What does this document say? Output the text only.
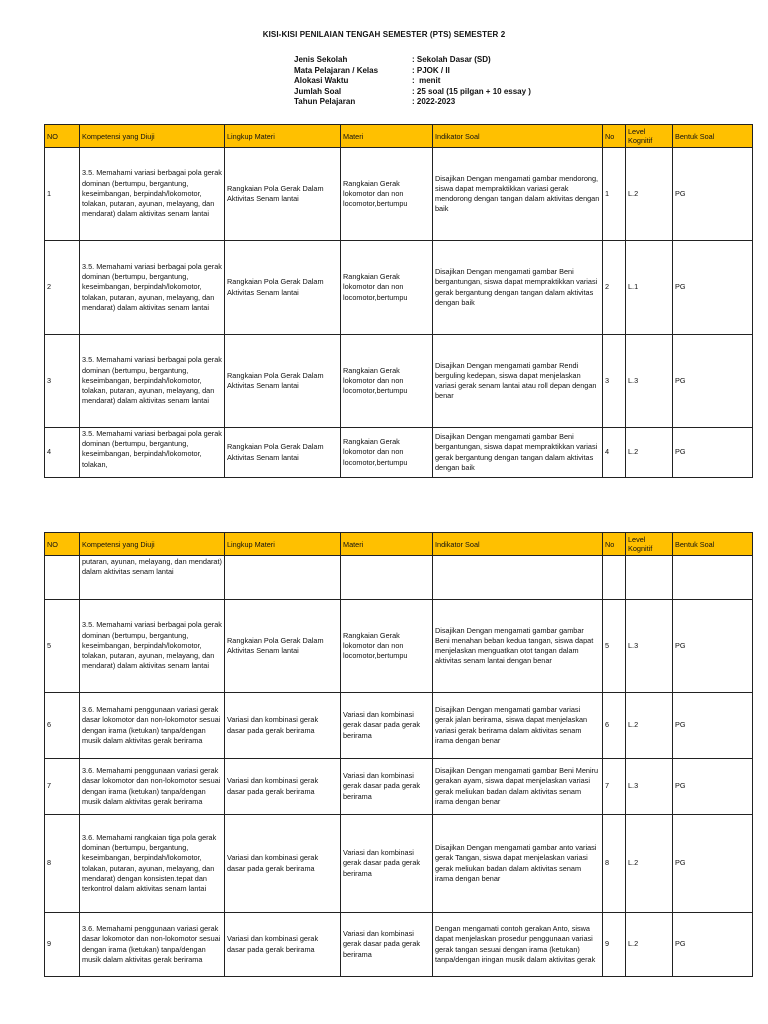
KISI-KISI PENILAIAN TENGAH SEMESTER (PTS) SEMESTER 2
Jenis Sekolah	: Sekolah Dasar (SD)
Mata Pelajaran / Kelas	: PJOK / II
Alokasi Waktu	:  menit
Jumlah Soal	: 25 soal (15 pilgan + 10 essay )
Tahun Pelajaran	: 2022-2023
NO	Kompetensi yang Diuji	Lingkup Materi	Materi	Indikator Soal	No	Level Kognitif	Bentuk Soal
1	3.5. Memahami variasi berbagai pola gerak dominan (bertumpu, bergantung, keseimbangan, berpindah/lokomotor, tolakan, putaran, ayunan, melayang, dan mendarat) dalam aktivitas senam lantai	Rangkaian Pola Gerak Dalam Aktivitas Senam lantai	Rangkaian Gerak lokomotor dan non locomotor,bertumpu	Disajikan Dengan mengamati gambar mendorong, siswa dapat mempraktikkan variasi gerak mendorong dengan tangan dalam aktivitas dengan baik	1	L.2	PG
2	3.5. Memahami variasi berbagai pola gerak dominan (bertumpu, bergantung, keseimbangan, berpindah/lokomotor, tolakan, putaran, ayunan, melayang, dan mendarat) dalam aktivitas senam lantai	Rangkaian Pola Gerak Dalam Aktivitas Senam lantai	Rangkaian Gerak lokomotor dan non locomotor,bertumpu	Disajikan Dengan mengamati gambar Beni bergantungan, siswa dapat mempraktikkan variasi gerak bergantung dengan tangan dalam aktivitas dengan baik	2	L.1	PG
3	3.5. Memahami variasi berbagai pola gerak dominan (bertumpu, bergantung, keseimbangan, berpindah/lokomotor, tolakan, putaran, ayunan, melayang, dan mendarat) dalam aktivitas senam lantai	Rangkaian Pola Gerak Dalam Aktivitas Senam lantai	Rangkaian Gerak lokomotor dan non locomotor,bertumpu	Disajikan Dengan mengamati gambar Rendi berguling kedepan, siswa dapat menjelaskan variasi gerak senam lantai atau roll depan dengan benar	3	L.3	PG
4	3.5. Memahami variasi berbagai pola gerak dominan (bertumpu, bergantung, keseimbangan, berpindah/lokomotor, tolakan,	Rangkaian Pola Gerak Dalam Aktivitas Senam lantai	Rangkaian Gerak lokomotor dan non locomotor,bertumpu	Disajikan Dengan mengamati gambar Beni bergantungan, siswa dapat mempraktikkan variasi gerak bergantung dengan tangan dalam aktivitas dengan baik	4	L.2	PG
NO	Kompetensi yang Diuji	Lingkup Materi	Materi	Indikator Soal	No	Level Kognitif	Bentuk Soal
	putaran, ayunan, melayang, dan mendarat) dalam aktivitas senam lantai						
5	3.5. Memahami variasi berbagai pola gerak dominan (bertumpu, bergantung, keseimbangan, berpindah/lokomotor, tolakan, putaran, ayunan, melayang, dan mendarat) dalam aktivitas senam lantai	Rangkaian Pola Gerak Dalam Aktivitas Senam lantai	Rangkaian Gerak lokomotor dan non locomotor,bertumpu	Disajikan Dengan mengamati gambar gambar Beni menahan beban kedua tangan, siswa dapat menjelaskan menguatkan otot tangan dalam aktivitas senam lantai dengan benar	5	L.3	PG
6	3.6. Memahami penggunaan variasi gerak dasar lokomotor dan non-lokomotor sesuai dengan irama (ketukan) tanpa/dengan musik dalam aktivitas gerak berirama	Variasi dan kombinasi gerak dasar pada gerak berirama	Variasi dan kombinasi gerak dasar pada gerak berirama	Disajikan Dengan mengamati gambar variasi gerak jalan berirama, siswa dapat menjelaskan variasi gerak berirama dalam aktivitas senam irama dengan benar	6	L.2	PG
7	3.6. Memahami penggunaan variasi gerak dasar lokomotor dan non-lokomotor sesuai dengan irama (ketukan) tanpa/dengan musik dalam aktivitas gerak berirama	Variasi dan kombinasi gerak dasar pada gerak berirama	Variasi dan kombinasi gerak dasar pada gerak berirama	Disajikan Dengan mengamati gambar Beni Meniru gerakan ayam, siswa dapat menjelaskan variasi gerak meliukan badan dalam aktivitas senam irama dengan benar	7	L.3	PG
8	3.6. Memahami rangkaian tiga pola gerak dominan (bertumpu, bergantung, keseimbangan, berpindah/lokomotor, tolakan, putaran, ayunan, melayang, dan mendarat) dengan konsisten.tepat dan terkontrol dalam aktivitas senam lantai	Variasi dan kombinasi gerak dasar pada gerak berirama	Variasi dan kombinasi gerak dasar pada gerak berirama	Disajikan Dengan mengamati gambar anto variasi gerak Tangan, siswa dapat menjelaskan variasi gerak meliukan badan dalam aktivitas senam irama dengan benar	8	L.2	PG
9	3.6. Memahami penggunaan variasi gerak dasar lokomotor dan non-lokomotor sesuai dengan irama (ketukan) tanpa/dengan musik dalam aktivitas gerak berirama	Variasi dan kombinasi gerak dasar pada gerak berirama	Variasi dan kombinasi gerak dasar pada gerak berirama	Dengan mengamati contoh gerakan Anto, siswa dapat menjelaskan prosedur penggunaan variasi gerak tangan sesuai dengan irama (ketukan) tanpa/dengan iringan musik dalam aktivitas gerak	9	L.2	PG
